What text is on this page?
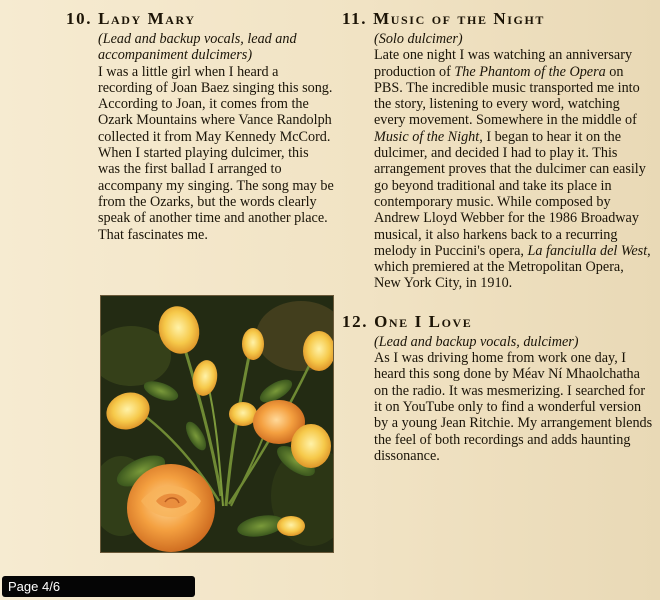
10. Lady Mary
(Lead and backup vocals, lead and accompaniment dulcimers)
I was a little girl when I heard a recording of Joan Baez singing this song. According to Joan, it comes from the Ozark Mountains where Vance Randolph collected it from May Kennedy McCord. When I started playing dulcimer, this was the first ballad I arranged to accompany my singing. The song may be from the Ozarks, but the words clearly speak of another time and another place. That fascinates me.
11. Music of the Night
(Solo dulcimer)
Late one night I was watching an anniversary production of The Phantom of the Opera on PBS. The incredible music transported me into the story, listening to every word, watching every movement. Somewhere in the middle of Music of the Night, I began to hear it on the dulcimer, and decided I had to play it. This arrangement proves that the dulcimer can easily go beyond traditional and take its place in contemporary music. While composed by Andrew Lloyd Webber for the 1986 Broadway musical, it also harkens back to a recurring melody in Puccini's opera, La fanciulla del West, which premiered at the Metropolitan Opera, New York City, in 1910.
12. One I Love
(Lead and backup vocals, dulcimer)
As I was driving home from work one day, I heard this song done by Méav Ní Mhaolchatha on the radio. It was mesmerizing. I searched for it on YouTube only to find a wonderful version by a young Jean Ritchie. My arrangement blends the feel of both recordings and adds haunting dissonance.
Page 4/6
